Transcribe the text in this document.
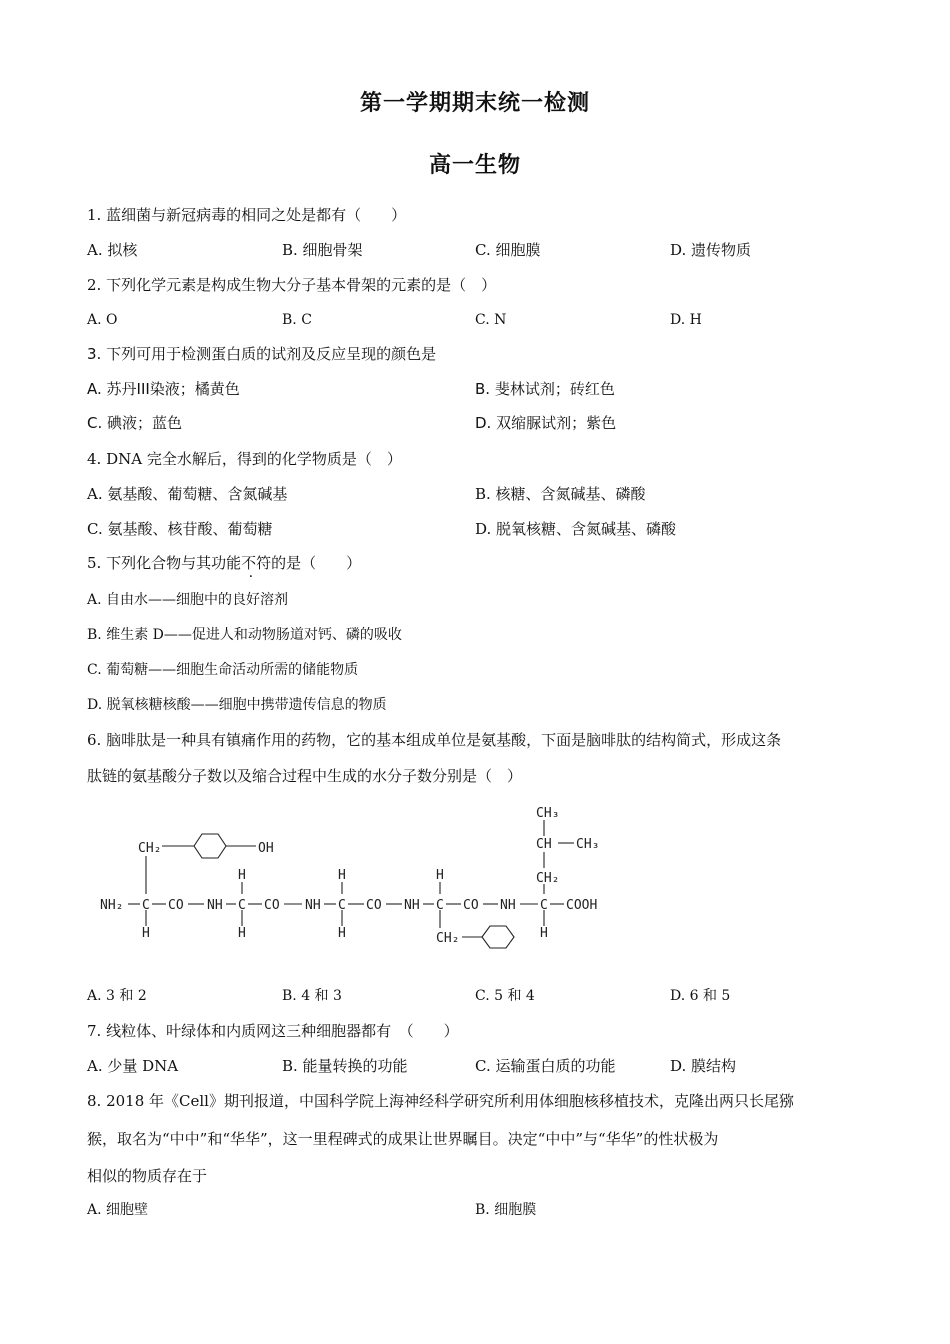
第一学期期末统一检测
高一生物
1. 蓝细菌与新冠病毒的相同之处是都有（　　）
A. 拟核	B. 细胞骨架	C. 细胞膜	D. 遗传物质
2. 下列化学元素是构成生物大分子基本骨架的元素的是（　）
A. O	B. C	C. N	D. H
3. 下列可用于检测蛋白质的试剂及反应呈现的颜色是
A. 苏丹III染液；橘黄色	B. 斐林试剂；砖红色
C. 碘液；蓝色	D. 双缩脲试剂；紫色
4. DNA 完全水解后，得到的化学物质是（　）
A. 氨基酸、葡萄糖、含氮碱基	B. 核糖、含氮碱基、磷酸
C. 氨基酸、核苷酸、葡萄糖	D. 脱氧核糖、含氮碱基、磷酸
5. 下列化合物与其功能不符的是（　　）
A. 自由水——细胞中的良好溶剂
B. 维生素 D——促进人和动物肠道对钙、磷的吸收
C. 葡萄糖——细胞生命活动所需的储能物质
D. 脱氧核糖核酸——细胞中携带遗传信息的物质
6. 脑啡肽是一种具有镇痛作用的药物，它的基本组成单位是氨基酸，下面是脑啡肽的结构简式，形成这条
肽链的氨基酸分子数以及缩合过程中生成的水分子数分别是（　）
NH₂ C CO NH C CO NH C CO NH C CO NH C COOH
H	H
H	H
H
H
H
CH₂	OH
CH₂
CH₂
CH CH₃
CH₃
A. 3 和 2	B. 4 和 3	C. 5 和 4	D. 6 和 5
7. 线粒体、叶绿体和内质网这三种细胞器都有　（　　）
A. 少量 DNA	B. 能量转换的功能	C. 运输蛋白质的功能	D. 膜结构
8. 2018 年《Cell》期刊报道，中国科学院上海神经科学研究所利用体细胞核移植技术，克隆出两只长尾猕
猴，取名为“中中”和“华华”，这一里程碑式的成果让世界瞩目。决定“中中”与“华华”的性状极为
相似的物质存在于
A. 细胞壁	B. 细胞膜
